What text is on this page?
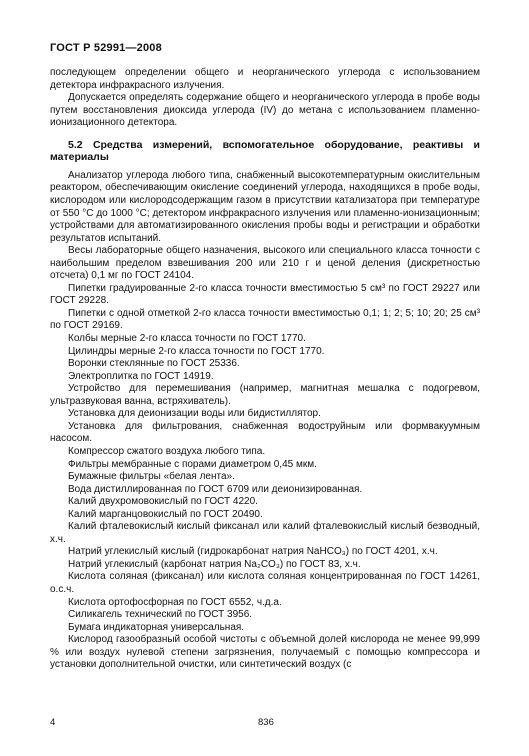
ГОСТ Р 52991—2008

последующем определении общего и неорганического углерода с использованием детектора инфракрасного излучения.

Допускается определять содержание общего и неорганического углерода в пробе воды путем восстановления диоксида углерода (IV) до метана с использованием пламенно-ионизационного детектора.

5.2 Средства измерений, вспомогательное оборудование, реактивы и материалы

Анализатор углерода любого типа, снабженный высокотемпературным окислительным реактором, обеспечивающим окисление соединений углерода, находящихся в пробе воды, кислородом или кислородсодержащим газом в присутствии катализатора при температуре от 550 °С до 1000 °С; детектором инфракрасного излучения или пламенно-ионизационным; устройствами для автоматизированного окисления пробы воды и регистрации и обработки результатов испытаний.

Весы лабораторные общего назначения, высокого или специального класса точности с наибольшим пределом взвешивания 200 или 210 г и ценой деления (дискретностью отсчета) 0,1 мг по ГОСТ 24104.

Пипетки градуированные 2-го класса точности вместимостью 5 см³ по ГОСТ 29227 или ГОСТ 29228.

Пипетки с одной отметкой 2-го класса точности вместимостью 0,1; 1; 2; 5; 10; 20; 25 см³ по ГОСТ 29169.

Колбы мерные 2-го класса точности по ГОСТ 1770.

Цилиндры мерные 2-го класса точности по ГОСТ 1770.

Воронки стеклянные по ГОСТ 25336.

Электроплитка по ГОСТ 14919.

Устройство для перемешивания (например, магнитная мешалка с подогревом, ультразвуковая ванна, встряхиватель).

Установка для деионизации воды или бидистиллятор.

Установка для фильтрования, снабженная водоструйным или формвакуумным насосом.

Компрессор сжатого воздуха любого типа.

Фильтры мембранные с порами диаметром 0,45 мкм.

Бумажные фильтры «белая лента».

Вода дистиллированная по ГОСТ 6709 или деионизированная.

Калий двухромовокислый по ГОСТ 4220.

Калий марганцовокислый по ГОСТ 20490.

Калий фталевокислый кислый фиксанал или калий фталевокислый кислый безводный, х.ч.

Натрий углекислый кислый (гидрокарбонат натрия NaHCO₃) по ГОСТ 4201, х.ч.

Натрий углекислый (карбонат натрия Na₂CO₃) по ГОСТ 83, х.ч.

Кислота соляная (фиксанал) или кислота соляная концентрированная по ГОСТ 14261, о.с.ч.

Кислота ортофосфорная по ГОСТ 6552, ч.д.а.

Силикагель технический по ГОСТ 3956.

Бумага индикаторная универсальная.

Кислород газообразный особой чистоты с объемной долей кислорода не менее 99,999 % или воздух нулевой степени загрязнения, получаемый с помощью компрессора и установки дополнительной очистки, или синтетический воздух (с

4	836
